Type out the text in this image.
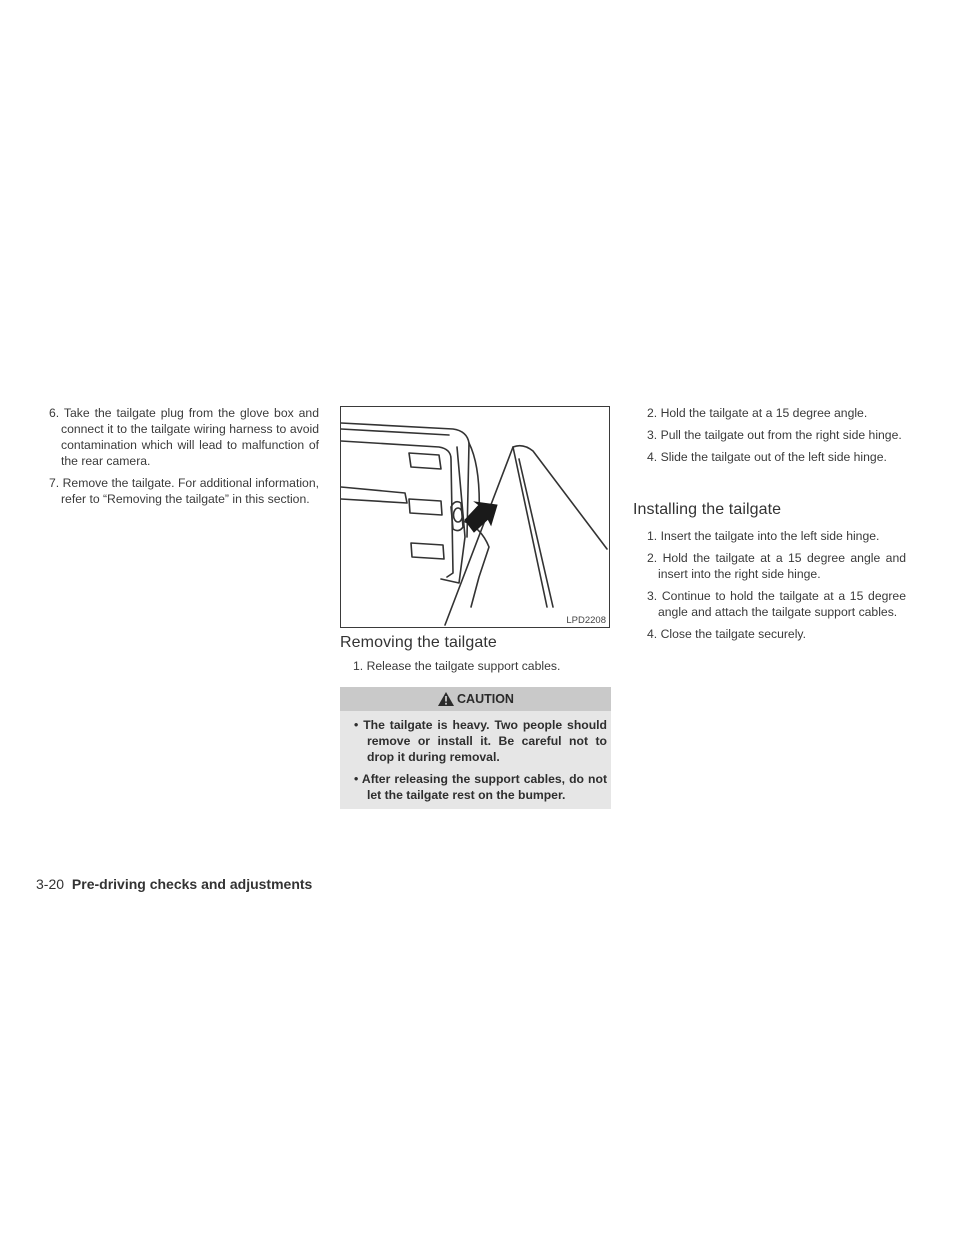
6. Take the tailgate plug from the glove box and connect it to the tailgate wiring harness to avoid contamination which will lead to malfunction of the rear camera.
7. Remove the tailgate. For additional information, refer to “Removing the tailgate” in this section.
LPD2208
Removing the tailgate
1. Release the tailgate support cables.
CAUTION
• The tailgate is heavy. Two people should remove or install it. Be careful not to drop it during removal.
• After releasing the support cables, do not let the tailgate rest on the bumper.
2. Hold the tailgate at a 15 degree angle.
3. Pull the tailgate out from the right side hinge.
4. Slide the tailgate out of the left side hinge.
Installing the tailgate
1. Insert the tailgate into the left side hinge.
2. Hold the tailgate at a 15 degree angle and insert into the right side hinge.
3. Continue to hold the tailgate at a 15 degree angle and attach the tailgate support cables.
4. Close the tailgate securely.
3-20 Pre-driving checks and adjustments
